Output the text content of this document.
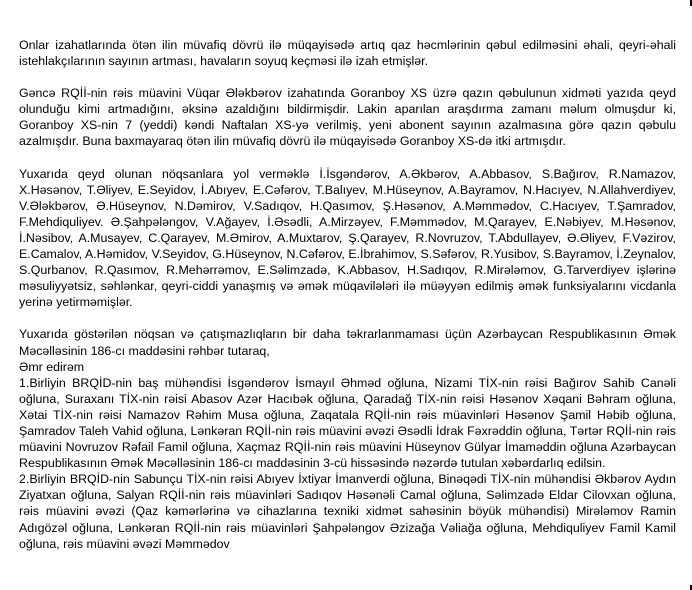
Onlar izahatlarında ötən ilin müvafiq dövrü ilə müqayisədə artıq qaz həcmlərinin qəbul edilməsini əhali, qeyri-əhali istehlakçılarının sayının artması, havaların soyuq keçməsi ilə izah etmişlər.

Gəncə RQİİ-nin rəis müavini Vüqar Ələkbərov izahatında Goranboy XS üzrə qazın qəbulunun xidməti yazıda qeyd olunduğu kimi artmadığını, əksinə azaldığını bildirmişdir. Lakin aparılan araşdırma zamanı məlum olmuşdur ki, Goranboy XS-nin 7 (yeddi) kəndi Naftalan XS-yə verilmiş, yeni abonent sayının azalmasına görə qazın qəbulu azalmışdır. Buna baxmayaraq ötən ilin müvafiq dövrü ilə müqayisədə Goranboy XS-də itki artmışdır.

Yuxarıda qeyd olunan nöqsanlara yol verməklə İ.İsgəndərov, A.Əkbərov, A.Abbasov, S.Bağırov, R.Namazov, X.Həsənov, T.Əliyev, E.Seyidov, İ.Abıyev, E.Cəfərov, T.Balıyev, M.Hüseynov, A.Bayramov, N.Hacıyev, N.Allahverdiyev, V.Ələkbərov, Ə.Hüseynov, N.Dəmirov, V.Sadıqov, H.Qasımov, Ş.Həsənov, A.Məmmədov, C.Hacıyev, T.Şamradov, F.Mehdiquliyev. Ə.Şahpələngov, V.Ağayev, İ.Əsədli, A.Mirzəyev, F.Məmmədov, M.Qarayev, E.Nəbiyev, M.Həsənov, İ.Nəsibov, A.Musayev, C.Qarayev, M.Əmirov, A.Muxtarov, Ş.Qarayev, R.Novruzov, T.Abdullayev, Ə.Əliyev, F.Vəzirov, E.Camalov, A.Həmidov, V.Seyidov, G.Hüseynov, N.Cəfərov, E.İbrahimov, S.Səfərov, R.Yusibov, S.Bayramov, İ.Zeynalov, S.Qurbanov, R.Qasımov, R.Mehərrəmov, E.Səlimzadə, K.Abbasov, H.Sadıqov, R.Mirələmov, G.Tarverdiyev işlərinə məsuliyyətsiz, səhlənkar, qeyri-ciddi yanaşmış və əmək müqavilələri ilə müəyyən edilmiş əmək funksiyalarını vicdanla yerinə yetirməmişlər.

Yuxarıda göstərilən nöqsan və çatışmazlıqların bir daha təkrarlanmaması üçün Azərbaycan Respublikasının Əmək Məcəlləsinin 186-cı maddəsini rəhbər tutaraq,

Əmr edirəm

1.Birliyin BRQİD-nin baş mühəndisi İsgəndərov İsmayıl Əhməd oğluna, Nizami TİX-nin rəisi Bağırov Sahib Canəli oğluna, Suraxanı TİX-nin rəisi Abasov Azər Hacıbək oğluna, Qaradağ TİX-nin rəisi Həsənov Xəqani Bəhram oğluna, Xətai TİX-nin rəisi Namazov Rəhim Musa oğluna, Zaqatala RQİİ-nin rəis müavinləri Həsənov Şamil Həbib oğluna, Şamradov Taleh Vahid oğluna, Lənkəran RQİİ-nin rəis müavini əvəzi Əsədli İdrak Fəxrəddin oğluna, Tərtər RQİİ-nin rəis müavini Novruzov Rəfail Famil oğluna, Xaçmaz RQİİ-nin rəis müavini Hüseynov Gülyar İmaməddin oğluna Azərbaycan Respublikasının Əmək Məcəlləsinin 186-cı maddəsinin 3-cü hissəsində nəzərdə tutulan xəbərdarlıq edilsin.

2.Birliyin BRQİD-nin Sabunçu TİX-nin rəisi Abıyev İxtiyar İmanverdi oğluna, Binəqədi TİX-nin mühəndisi Əkbərov Aydın Ziyatxan oğluna, Salyan RQİİ-nin rəis müavinləri Sadıqov Həsənəli Camal oğluna, Səlimzadə Eldar Cilovxan oğluna, rəis müavini əvəzi (Qaz kəmərlərinə və cihazlarına texniki xidmət sahəsinin böyük mühəndisi) Mirələmov Ramin Adıgözəl oğluna, Lənkəran RQİİ-nin rəis müavinləri Şahpələngov Əzizağa Vəliağa oğluna, Mehdiquliyev Famil Kamil oğluna, rəis müavini əvəzi Məmmədov
